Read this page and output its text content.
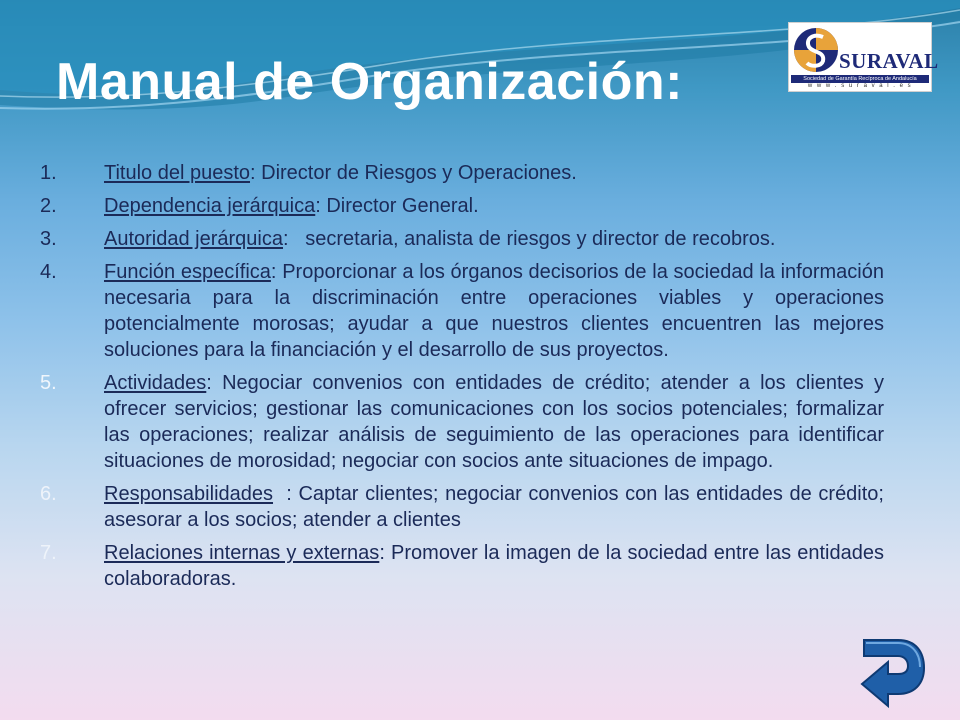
Manual de Organización:	SURAVAL
Sociedad de Garantía Recíproca de Andalucía
w w w . s u r a v a l . e s
1. Titulo del puesto: Director de Riesgos y Operaciones.
2. Dependencia jerárquica: Director General.
3. Autoridad jerárquica:   secretaria, analista de riesgos y director de recobros.
4. Función específica: Proporcionar a los órganos decisorios de la sociedad la información necesaria para la discriminación entre operaciones viables y operaciones potencialmente morosas; ayudar a que nuestros clientes encuentren las mejores soluciones para la financiación y el desarrollo de sus proyectos.
5. Actividades: Negociar convenios con entidades de crédito; atender a los clientes y ofrecer servicios; gestionar las comunicaciones con los socios potenciales; formalizar las operaciones; realizar análisis de seguimiento de las operaciones para identificar situaciones de morosidad; negociar con socios ante situaciones de impago.
6. Responsabilidades  : Captar clientes; negociar convenios con las entidades de crédito; asesorar a los socios; atender a clientes
7. Relaciones internas y externas: Promover la imagen de la sociedad entre las entidades colaboradoras.
